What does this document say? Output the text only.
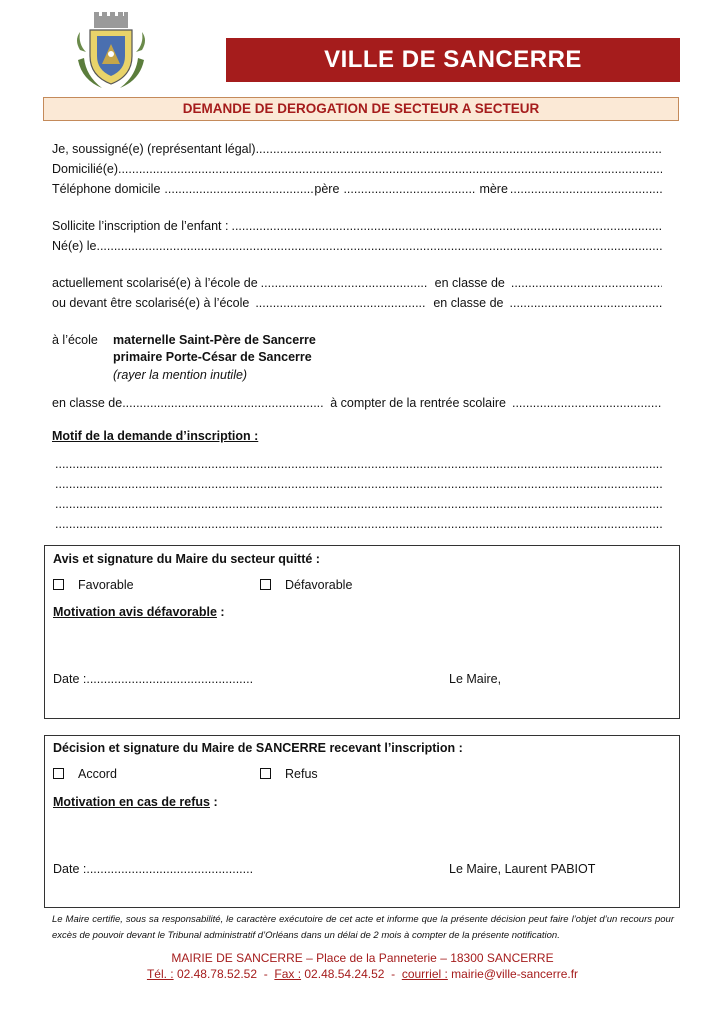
VILLE DE SANCERRE
DEMANDE DE DEROGATION DE SECTEUR A SECTEUR
Je, soussigné(e) (représentant légal)
.....
Domicilié(e)
.....
Téléphone domicile .....	père .....	mère
.....
Sollicite l’inscription de l’enfant :
.....
Né(e) le
.....
actuellement scolarisé(e) à l’école de .....	en classe de
.....
ou devant être scolarisé(e) à l’école .....	en classe de
.....
à l’école maternelle Saint-Père de Sancerre
primaire Porte-César de Sancerre
(rayer la mention inutile)
en classe de .....	à compter de la rentrée scolaire
.....
Motif de la demande d’inscription :
.....
.....
.....
.....
Avis et signature du Maire du secteur quitté :
Favorable	Défavorable
Motivation avis défavorable :
Date : .....	Le Maire,
Décision et signature du Maire de SANCERRE recevant l’inscription :
Accord	Refus
Motivation en cas de refus :
Date : .....	Le Maire, Laurent PABIOT
Le Maire certifie, sous sa responsabilité, le caractère exécutoire de cet acte et informe que la présente décision peut faire l’objet d’un recours pour excès de pouvoir devant le Tribunal administratif d’Orléans dans un délai de 2 mois à compter de la présente notification.
MAIRIE DE SANCERRE – Place de la Panneterie – 18300 SANCERRE
Tél. : 02.48.78.52.52  -  Fax : 02.48.54.24.52  -  courriel : mairie@ville-sancerre.fr
